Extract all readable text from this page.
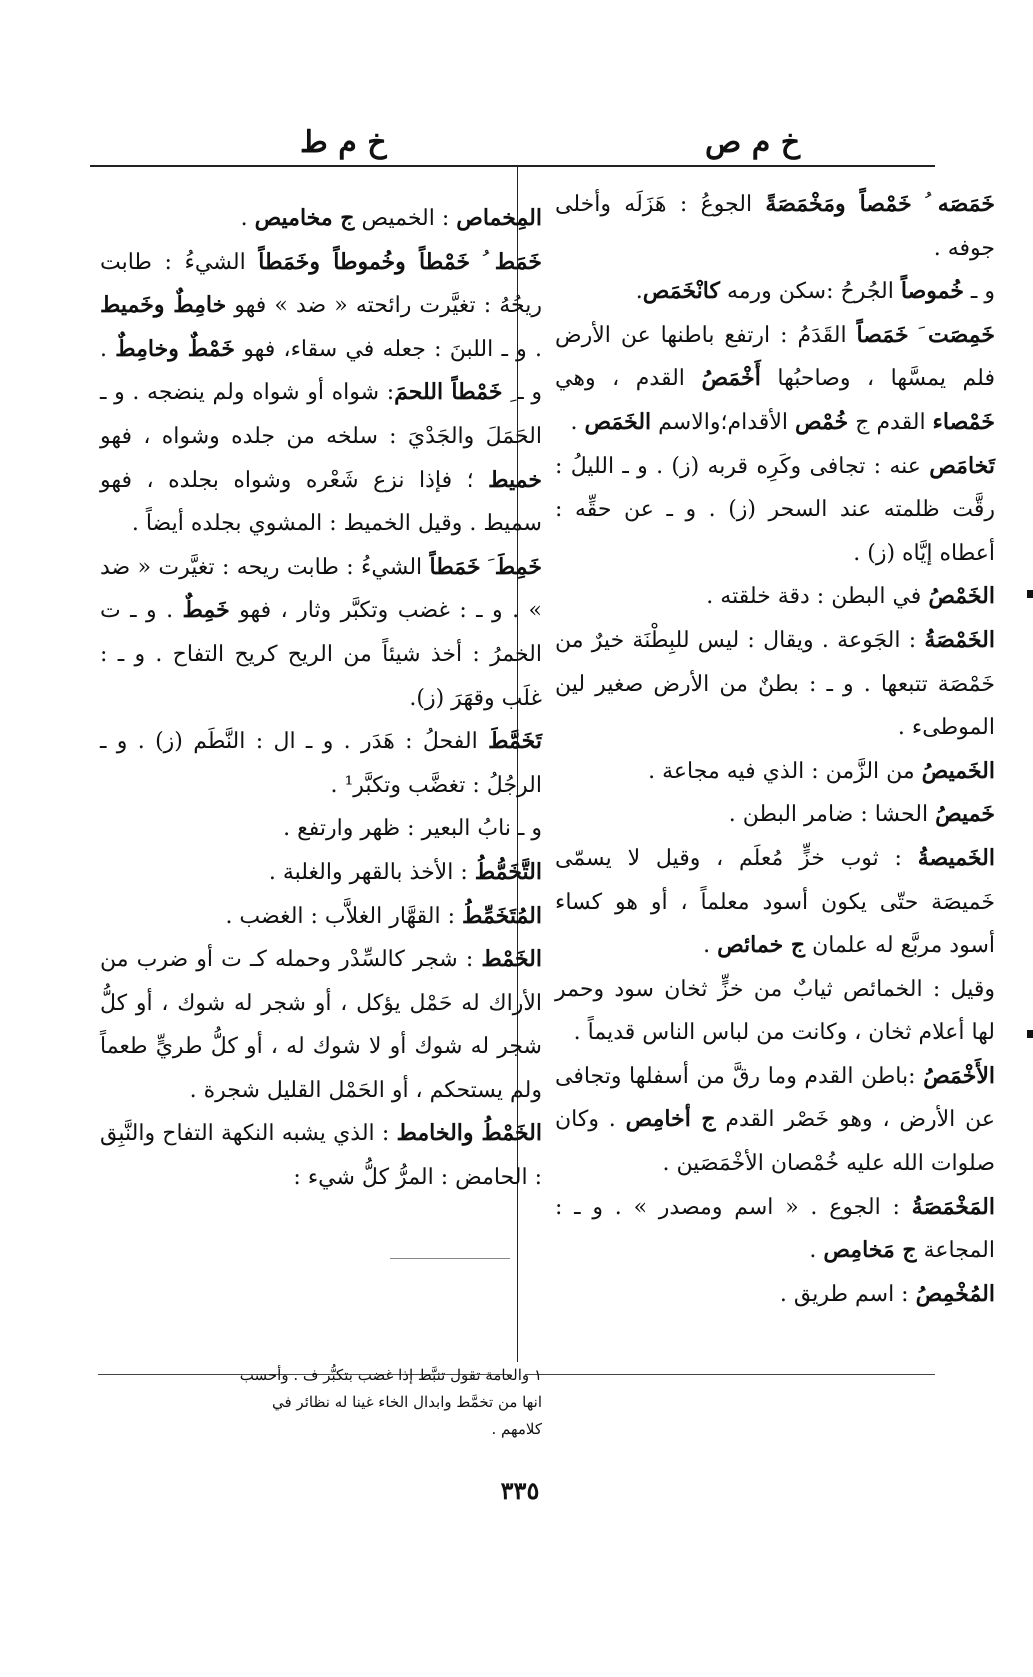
خ م ط	خ م ص

خَمَصَه ُ خَمْصاً ومَخْمَصَةً الجوعُ : هَزَلَه وأخلى جوفه .

و ـ خُموصاً الجُرحُ :سكن ورمه كانْخَمَص.

خَمِصَت َ خَمَصاً القَدَمُ : ارتفع باطنها عن الأرض فلم يمسَّها ، وصاحبُها أَخْمَصُ القدم ، وهي خَمْصاء القدم ج خُمْص الأقدام؛والاسم الخَمَص .

تَخامَص عنه : تجافى وكَرِه قربه (ز) . و ـ الليلُ : رقَّت ظلمته عند السحر (ز) . و ـ عن حقِّه : أعطاه إيَّاه (ز) .

الخَمْصُ في البطن : دقة خلقته .

الخَمْصَةُ : الجَوعة . ويقال : ليس للبِطْنَة خيرٌ من خَمْصَة تتبعها . و ـ : بطنٌ من الأرض صغير لين الموطىء .

الخَميصُ من الزَّمن : الذي فيه مجاعة .

خَميصُ الحشا : ضامر البطن .

الخَميصةُ : ثوب خزٍّ مُعلَم ، وقيل لا يسمّى خَميصَة حتّى يكون أسود معلماً ، أو هو كساء أسود مربَّع له علمان ج خمائص .

وقيل : الخمائص ثيابٌ من خزٍّ ثخان سود وحمر لها أعلام ثخان ، وكانت من لباس الناس قديماً .

الأَخْمَصُ :باطن القدم وما رقَّ من أسفلها وتجافى عن الأرض ، وهو خَصْر القدم ج أخامِص . وكان صلوات الله عليه خُمْصان الأخْمَصَين .

المَخْمَصَةُ : الجوع . « اسم ومصدر » . و ـ : المجاعة ج مَخامِص .

المُخْمِصُ : اسم طريق .

المِخماص : الخميص ج مخاميص .

خَمَط ُ خَمْطاً وخُموطاً وخَمَطاً الشيءُ : طابت ريحُهُ : تغيَّرت رائحته « ضد » فهو خامِطٌ وخَميط . و ـ اللبنَ : جعله في سقاء، فهو خَمْطٌ وخامِطٌ . و ـ ِ خَمْطاً اللحمَ: شواه أو شواه ولم ينضجه . و ـ الحَمَلَ والجَدْيَ : سلخه من جلده وشواه ، فهو خميط ؛ فإذا نزع شَعْره وشواه بجلده ، فهو سميط . وقيل الخميط : المشوي بجلده أيضاً .

خَمِطَ َ خَمَطاً الشيءُ : طابت ريحه : تغيَّرت « ضد » . و ـ : غضب وتكبَّر وثار ، فهو خَمِطٌ . و ـ ت الخمرُ : أخذ شيئاً من الريح كريح التفاح . و ـ : غلَب وقهَرَ (ز).

تَخَمَّطَ الفحلُ : هَدَر . و ـ ال : النَّطَم (ز) . و ـ الرجُلُ : تغضَّب وتكبَّر¹ .

و ـ نابُ البعير : ظهر وارتفع .

التَّخَمُّطُ : الأخذ بالقهر والغلبة .

المُتَخَمِّطُ : القهَّار الغلاَّب : الغضب .

الخَمْط : شجر كالسِّدْر وحمله كـ ت أو ضرب من الأراك له حَمْل يؤكل ، أو شجر له شوك ، أو كلُّ شجر له شوك أو لا شوك له ، أو كلُّ طريٍّ طعماً ولم يستحكم ، أو الحَمْل القليل شجرة .

الخَمْطُ والخامط : الذي يشبه النكهة التفاح والنَّبِق : الحامض : المرُّ كلُّ شيء :

١ والعامة تقول تنبَّط إذا غضب بتكبُّر ف . وأحسب

انها من تخمَّط وابدال الخاء غينا له نظائر في

كلامهم .

٣٣٥
